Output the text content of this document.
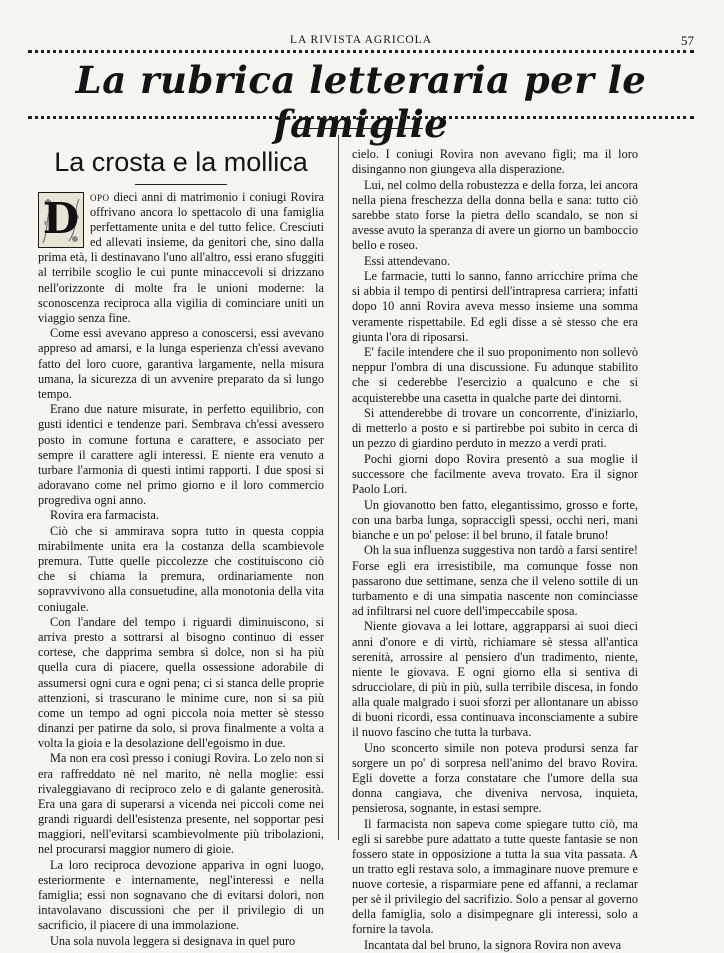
LA RIVISTA AGRICOLA	57
La rubrica letteraria per le famiglie
La crosta e la mollica

D opo dieci anni di matrimonio i coniugi Rovira offrivano ancora lo spettacolo di una famiglia perfettamente unita e del tutto felice. Cresciuti ed allevati insieme, da genitori che, sino dalla prima età, li destinavano l'uno all'altro, essi erano sfuggiti al terribile scoglio le cui punte minaccevoli si drizzano nell'orizzonte di molte fra le unioni moderne: la sconoscenza reciproca alla vigilia di cominciare uniti un viaggio senza fine.

Come essi avevano appreso a conoscersi, essi avevano appreso ad amarsi, e la lunga esperienza ch'essi avevano fatto del loro cuore, garantiva largamente, nella misura umana, la sicurezza di un avvenire preparato da sì lungo tempo.

Erano due nature misurate, in perfetto equilibrio, con gusti identici e tendenze pari. Sembrava ch'essi avessero posto in comune fortuna e carattere, e associato per sempre il carattere agli interessi. E niente era venuto a turbare l'armonia di questi intimi rapporti. I due sposi si adoravano come nel primo giorno e il loro commercio progrediva ogni anno.

Rovira era farmacista.

Ciò che si ammirava sopra tutto in questa coppia mirabilmente unita era la costanza della scambievole premura. Tutte quelle piccolezze che costituiscono ciò che si chiama la premura, ordinariamente non sopravvivono alla consuetudine, alla monotonia della vita coniugale.

Con l'andare del tempo i riguardi diminuiscono, si arriva presto a sottrarsi al bisogno continuo di esser cortese, che dapprima sembra sì dolce, non si ha più quella cura di piacere, quella ossessione adorabile di assumersi ogni cura e ogni pena; ci si stanca delle proprie attenzioni, si trascurano le minime cure, non si sa più come un tempo ad ogni piccola noia metter sè stesso dinanzi per patirne da solo, si prova finalmente a volta a volta la gioia e la desolazione dell'egoismo in due.

Ma non era così presso i coniugi Rovira. Lo zelo non si era raffreddato nè nel marito, nè nella moglie: essi rivaleggiavano di reciproco zelo e di galante generosità. Era una gara di superarsi a vicenda nei piccoli come nei grandi riguardi dell'esistenza presente, nel sopportar pesi maggiori, nell'evitarsi scambievolmente più tribolazioni, nel procurarsi maggior numero di gioie.

La loro reciproca devozione appariva in ogni luogo, esteriormente e internamente, negl'interessi e nella famiglia; essi non sognavano che di evitarsi dolori, non intavolavano discussioni che per il privilegio di un sacrificio, il piacere di una immolazione.

Una sola nuvola leggera si designava in quel puro

cielo. I coniugi Rovira non avevano figli; ma il loro disinganno non giungeva alla disperazione.

Lui, nel colmo della robustezza e della forza, lei ancora nella piena freschezza della donna bella e sana: tutto ciò sarebbe stato forse la pietra dello scandalo, se non si avesse avuto la speranza di avere un giorno un bamboccio bello e roseo.

Essi attendevano.

Le farmacie, tutti lo sanno, fanno arricchire prima che si abbia il tempo di pentirsi dell'intrapresa carriera; infatti dopo 10 anni Rovira aveva messo insieme una somma veramente rispettabile. Ed egli disse a sè stesso che era giunta l'ora di riposarsi.

E' facile intendere che il suo proponimento non sollevò neppur l'ombra di una discussione. Fu adunque stabilito che si cederebbe l'esercizio a qualcuno e che si acquisterebbe una casetta in qualche parte dei dintorni.

Si attenderebbe di trovare un concorrente, d'iniziarlo, di metterlo a posto e si partirebbe poi subito in cerca di un pezzo di giardino perduto in mezzo a verdi prati.

Pochi giorni dopo Rovira presentò a sua moglie il successore che facilmente aveva trovato. Era il signor Paolo Lori.

Un giovanotto ben fatto, elegantissimo, grosso e forte, con una barba lunga, sopracciglì spessi, occhi neri, mani bianche e un po' pelose: il bel bruno, il fatale bruno!

Oh la sua influenza suggestiva non tardò a farsi sentire! Forse egli era irresistibile, ma comunque fosse non passarono due settimane, senza che il veleno sottile di un turbamento e di una simpatia nascente non cominciasse ad infiltrarsi nel cuore dell'impeccabile sposa.

Niente giovava a lei lottare, aggrapparsi ai suoi dieci anni d'onore e di virtù, richiamare sè stessa all'antica serenità, arrossire al pensiero d'un tradimento, niente, niente le giovava. E ogni giorno ella si sentiva di sdrucciolare, di più in più, sulla terribile discesa, in fondo alla quale malgrado i suoi sforzi per allontanare un abisso di buoni ricordi, essa continuava inconsciamente a subire il nuovo fascino che tutta la turbava.

Uno sconcerto simile non poteva prodursi senza far sorgere un po' di sorpresa nell'animo del bravo Rovira. Egli dovette a forza constatare che l'umore della sua donna cangiava, che diveniva nervosa, inquieta, pensierosa, sognante, in estasi sempre.

Il farmacista non sapeva come spiegare tutto ciò, ma egli si sarebbe pure adattato a tutte queste fantasie se non fossero state in opposizione a tutta la sua vita passata. A un tratto egli restava solo, a immaginare nuove premure e nuove cortesie, a risparmiare pene ed affanni, a reclamar per sè il privilegio del sacrifizio. Solo a pensar al governo della famiglia, solo a disimpegnare gli interessi, solo a fornire la tavola.

Incantata dal bel bruno, la signora Rovira non aveva
